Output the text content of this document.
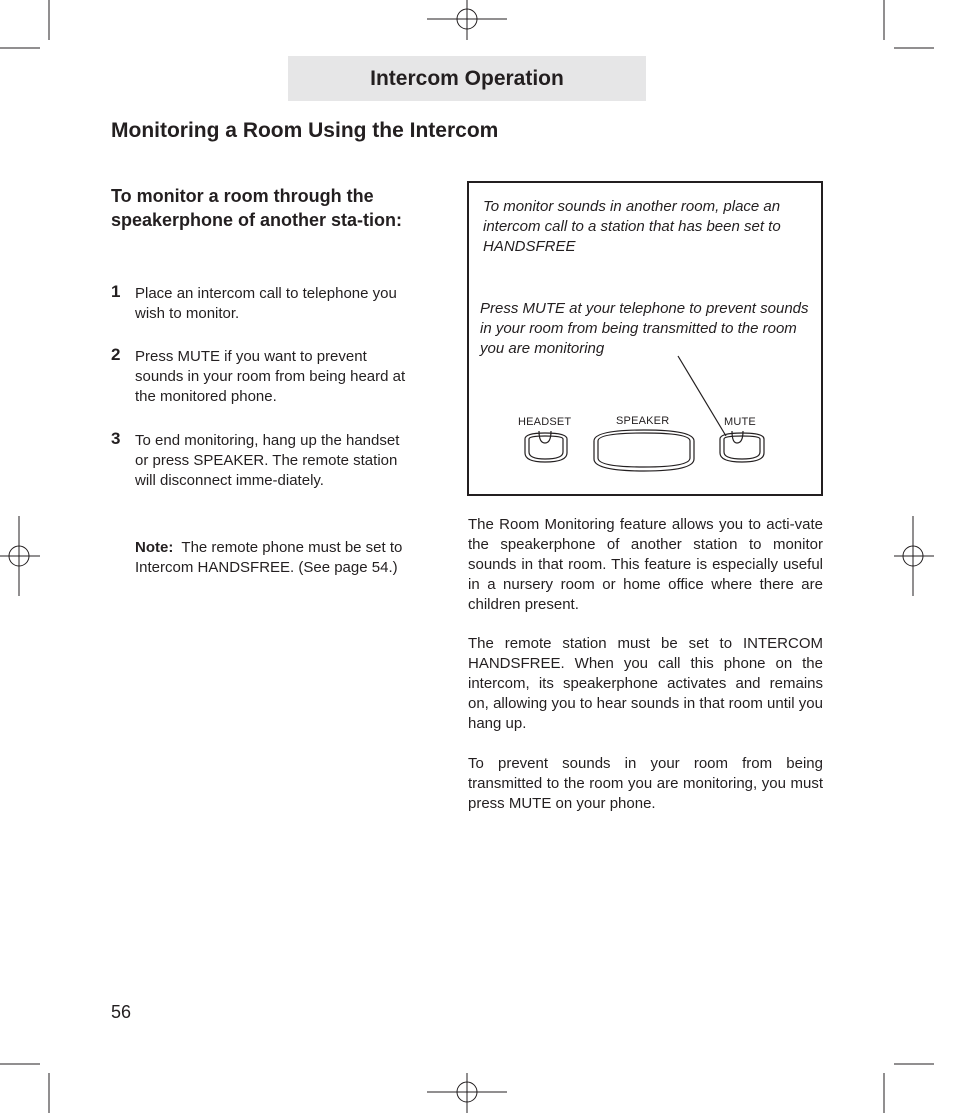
Intercom Operation
Monitoring a Room Using the Intercom
To monitor a room through the speakerphone of another sta-tion:
1 Place an intercom call to telephone you wish to monitor.
2 Press MUTE if you want to prevent sounds in your room from being heard at the monitored phone.
3 To end monitoring, hang up the handset or press SPEAKER. The remote station will disconnect imme-diately.
Note: The remote phone must be set to Intercom HANDSFREE. (See page 54.)
To monitor sounds in another room, place an intercom call to a station that has been set to HANDSFREE
Press MUTE at your telephone to prevent sounds in your room from being transmitted to the room you are monitoring
HEADSET	SPEAKER	MUTE

The Room Monitoring feature allows you to acti-vate the speakerphone of another station to monitor sounds in that room. This feature is especially useful in a nursery room or home office where there are children present.

The remote station must be set to INTERCOM HANDSFREE. When you call this phone on the intercom, its speakerphone activates and remains on, allowing you to hear sounds in that room until you hang up.

To prevent sounds in your room from being transmitted to the room you are monitoring, you must press MUTE on your phone.

56
